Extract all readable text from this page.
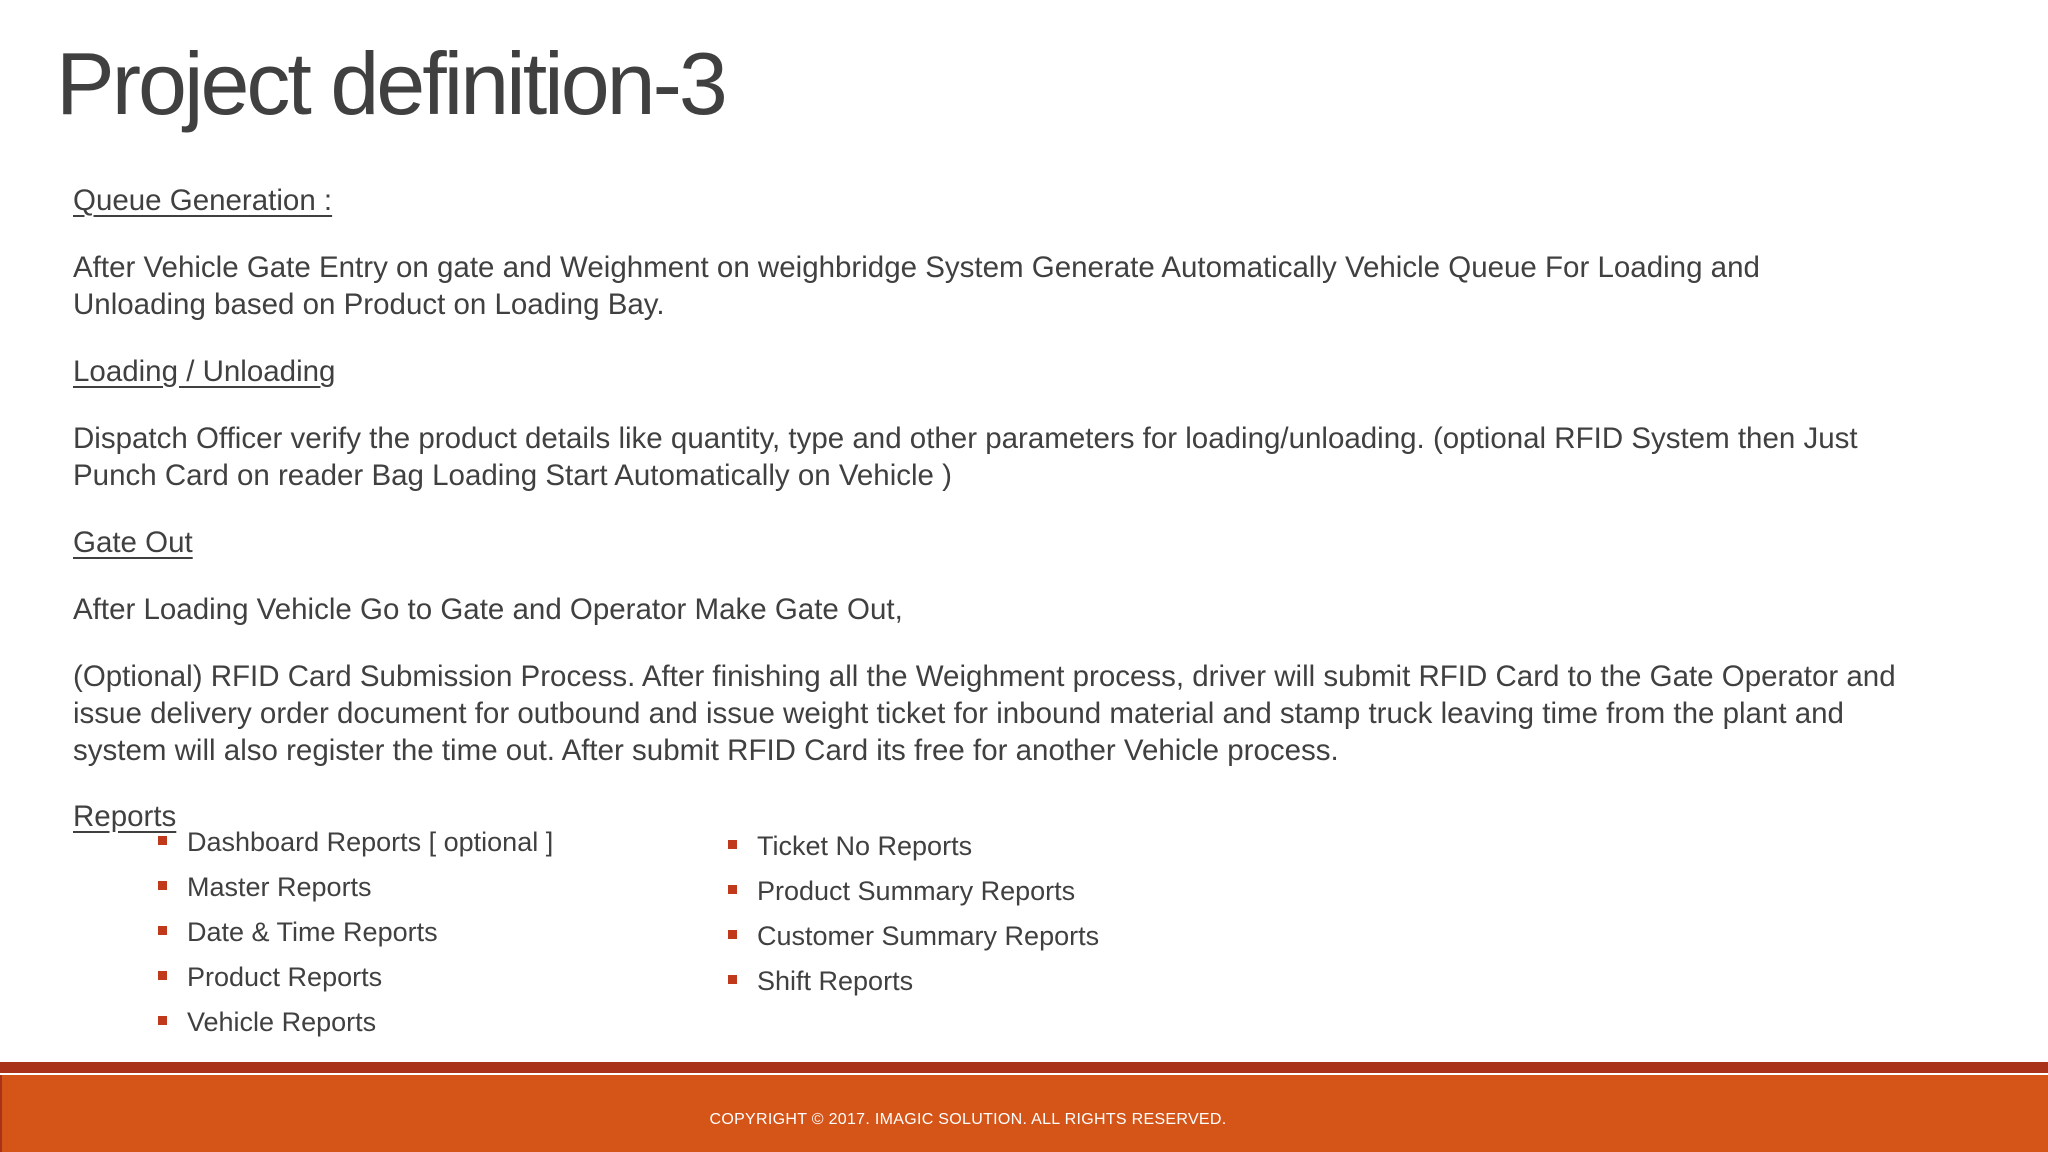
Project definition-3

Queue Generation :

After Vehicle Gate Entry on gate and Weighment on weighbridge System Generate Automatically Vehicle Queue For Loading and

Unloading based on Product on Loading Bay.

Loading / Unloading

Dispatch Officer verify the product details like quantity, type and other parameters for loading/unloading. (optional RFID System then Just

Punch Card on reader Bag Loading Start Automatically on Vehicle )

Gate Out

After Loading Vehicle Go to Gate and Operator Make Gate Out,

(Optional) RFID Card Submission Process. After finishing all the Weighment process, driver will submit RFID Card to the Gate Operator and

issue delivery order document for outbound and issue weight ticket for inbound material and stamp truck leaving time from the plant and

system will also register the time out. After submit RFID Card its free for another Vehicle process.

Reports

Dashboard Reports [ optional ]
Master Reports
Date & Time Reports
Product Reports
Vehicle Reports
Ticket No Reports
Product Summary Reports
Customer Summary Reports
Shift Reports
COPYRIGHT © 2017. IMAGIC SOLUTION. ALL RIGHTS RESERVED.
